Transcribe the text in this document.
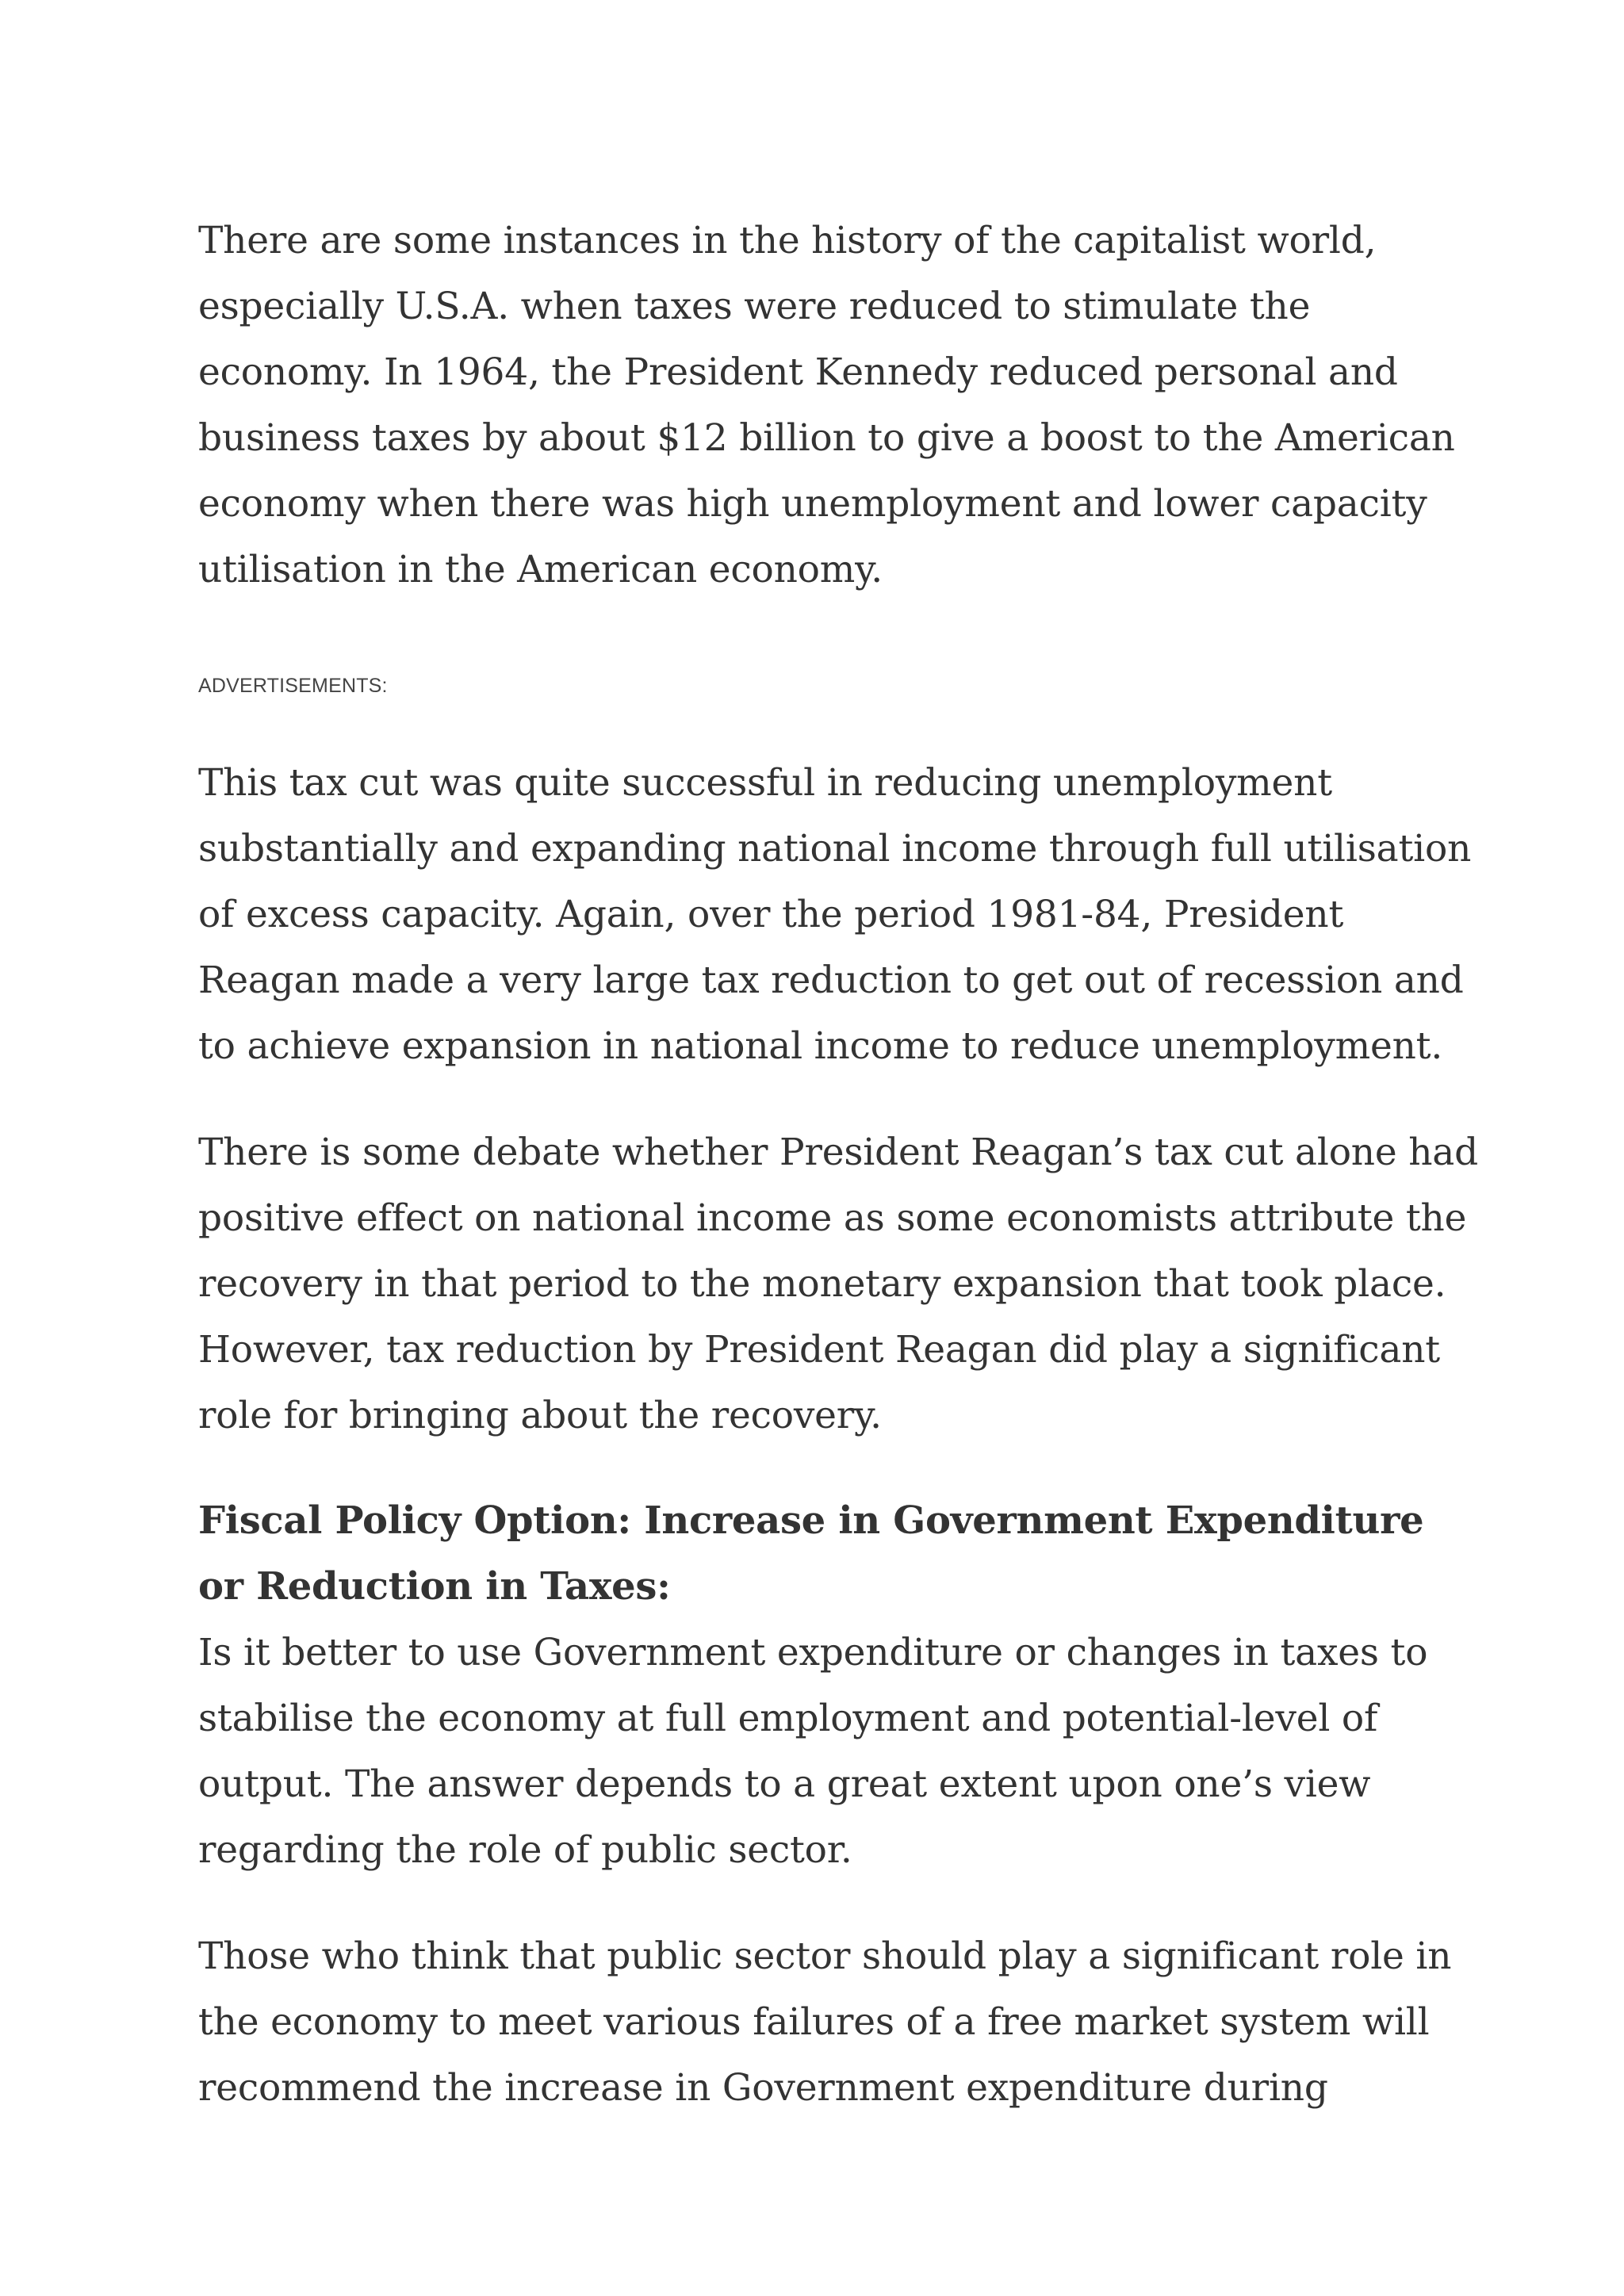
There are some instances in the history of the capitalist world,
especially U.S.A. when taxes were reduced to stimulate the
economy. In 1964, the President Kennedy reduced personal and
business taxes by about $12 billion to give a boost to the American
economy when there was high unemployment and lower capacity
utilisation in the American economy.

ADVERTISEMENTS:

This tax cut was quite successful in reducing unemployment
substantially and expanding national income through full utilisation
of excess capacity. Again, over the period 1981-84, President
Reagan made a very large tax reduction to get out of recession and
to achieve expansion in national income to reduce unemployment.

There is some debate whether President Reagan’s tax cut alone had
positive effect on national income as some economists attribute the
recovery in that period to the monetary expansion that took place.
However, tax reduction by President Reagan did play a significant
role for bringing about the recovery.

Fiscal Policy Option: Increase in Government Expenditure
or Reduction in Taxes:

Is it better to use Government expenditure or changes in taxes to
stabilise the economy at full employment and potential-level of
output. The answer depends to a great extent upon one’s view
regarding the role of public sector.

Those who think that public sector should play a significant role in
the economy to meet various failures of a free market system will
recommend the increase in Government expenditure during
